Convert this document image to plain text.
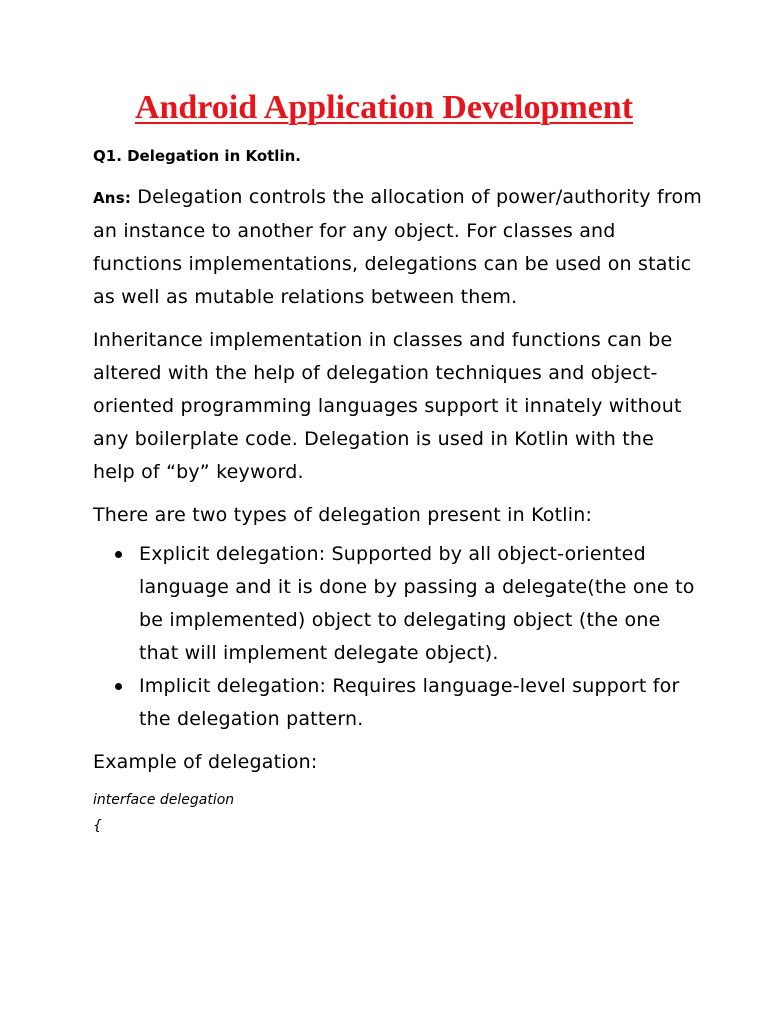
Android Application Development

Q1. Delegation in Kotlin.

Ans: Delegation controls the allocation of power/authority from an instance to another for any object. For classes and functions implementations, delegations can be used on static as well as mutable relations between them.

Inheritance implementation in classes and functions can be altered with the help of delegation techniques and object-oriented programming languages support it innately without any boilerplate code. Delegation is used in Kotlin with the help of “by” keyword.

There are two types of delegation present in Kotlin:

Explicit delegation: Supported by all object-oriented language and it is done by passing a delegate(the one to be implemented) object to delegating object (the one that will implement delegate object).
Implicit delegation: Requires language-level support for the delegation pattern.

Example of delegation:

interface delegation

{
